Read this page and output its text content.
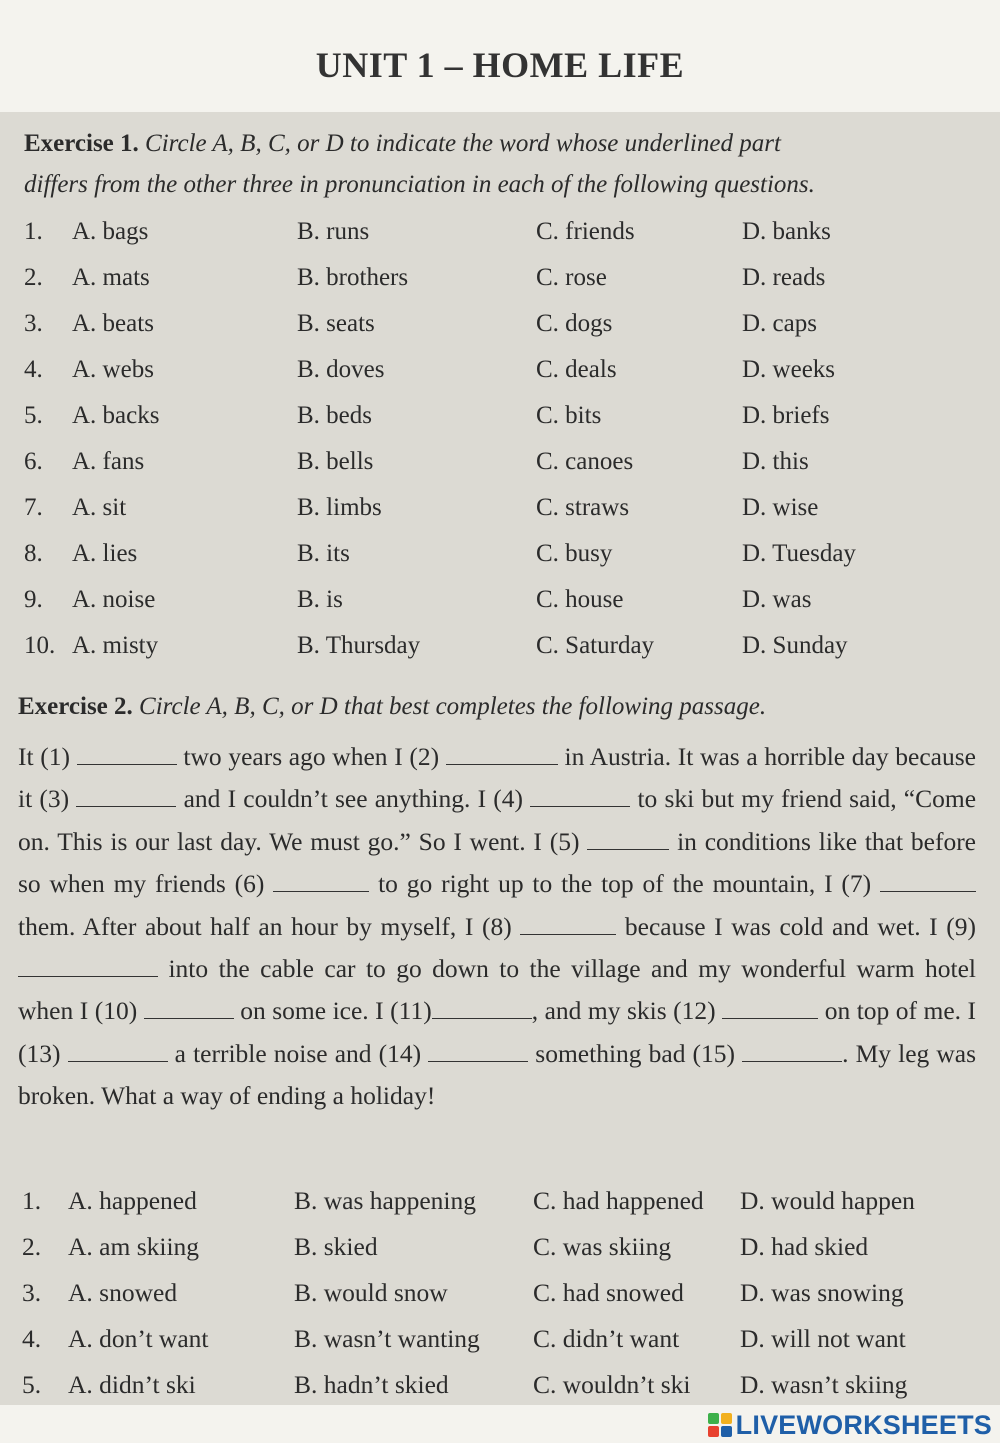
UNIT 1 – HOME LIFE
Exercise 1. Circle A, B, C, or D to indicate the word whose underlined part
differs from the other three in pronunciation in each of the following questions.
1. A. bags	B. runs	C. friends	D. banks
2. A. mats	B. brothers	C. rose	D. reads
3. A. beats	B. seats	C. dogs	D. caps
4. A. webs	B. doves	C. deals	D. weeks
5. A. backs	B. beds	C. bits	D. briefs
6. A. fans	B. bells	C. canoes	D. this
7. A. sit	B. limbs	C. straws	D. wise
8. A. lies	B. its	C. busy	D. Tuesday
9. A. noise	B. is	C. house	D. was
10. A. misty	B. Thursday	C. Saturday	D. Sunday
Exercise 2. Circle A, B, C, or D that best completes the following passage.

It (1)	two years ago when I (2)	in Austria. It was a horrible day because it (3)	and I couldn’t see anything. I (4)	to ski but my friend said, “Come on. This is our last day. We must go.” So I went. I (5)	in conditions like that before so when my friends (6)	to go right up to the top of the mountain, I (7)  them. After about half an hour by myself, I (8)	because I was cold and wet. I (9)  into the cable car to go down to the village and my wonderful warm hotel when I (10)	on some ice. I (11)	, and my skis (12)	on top of me. I (13)	a terrible noise and (14)	something bad (15)	. My leg was broken. What a way of ending a holiday!

1. A. happened	B. was happening C. had happened D. would happen
2. A. am skiing	B. skied	C. was skiing	D. had skied
3. A. snowed	B. would snow	C. had snowed D. was snowing
4. A. don’t want	B. wasn’t wanting C. didn’t want D. will not want
5. A. didn’t ski	B. hadn’t skied	C. wouldn’t ski D. wasn’t skiing
LIVEWORKSHEETS
